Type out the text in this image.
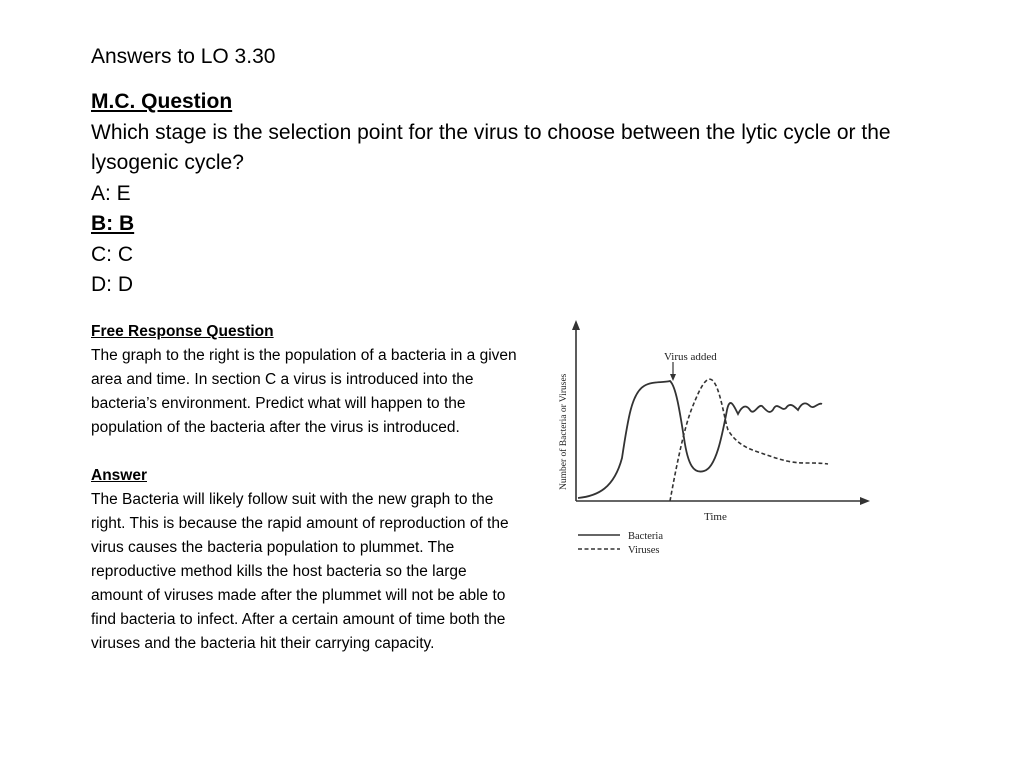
Answers to LO 3.30
M.C. Question
Which stage is the selection point for the virus to choose between the lytic cycle or the lysogenic cycle?
A: E
B: B
C: C
D: D

Free Response Question

The graph to the right is the population of a bacteria in a given area and time. In section C a virus is introduced into the bacteria’s environment. Predict what will happen to the population of the bacteria after the virus is introduced.

Answer

The Bacteria will likely follow suit with the new graph to the right. This is because the rapid amount of reproduction of the virus causes the bacteria population to plummet. The reproductive method kills the host bacteria so the large amount of viruses made after the plummet will not be able to find bacteria to infect. After a certain amount of time both the viruses and the bacteria hit their carrying capacity.

Virus added
Time
Number of Bacteria or Viruses
Bacteria
Viruses
